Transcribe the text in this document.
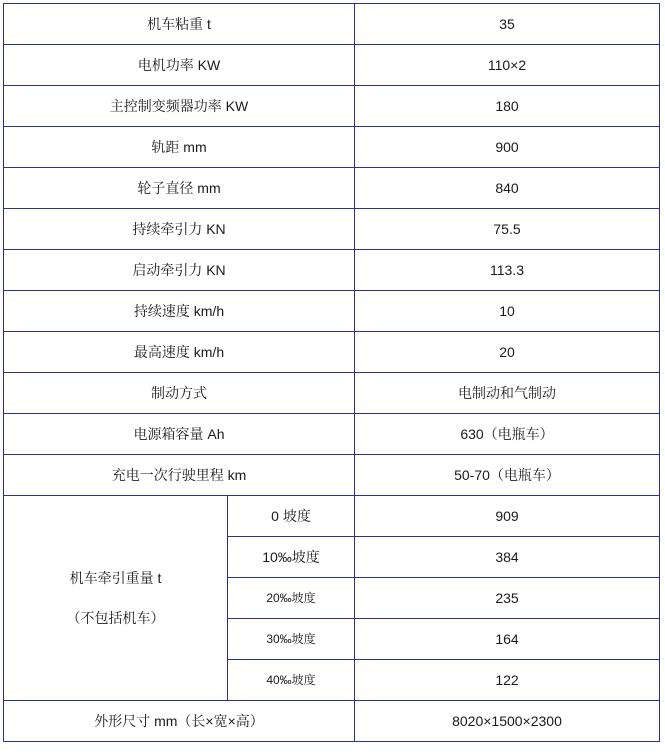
机车粘重 t		35
电机功率 KW		110×2
主控制变频器功率 KW		180
轨距 mm		900
轮子直径 mm		840
持续牵引力 KN		75.5
启动牵引力 KN		113.3
持续速度 km/h		10
最高速度 km/h		20
制动方式		电制动和气制动
电源箱容量 Ah		630（电瓶车）
充电一次行驶里程 km		50-70（电瓶车）

机车牵引重量 t
（不包括机车）	0 坡度	909
	10‰坡度	384
	20‰坡度	235
	30‰坡度	164
	40‰坡度	122
外形尺寸 mm（长×宽×高）		8020×1500×2300
